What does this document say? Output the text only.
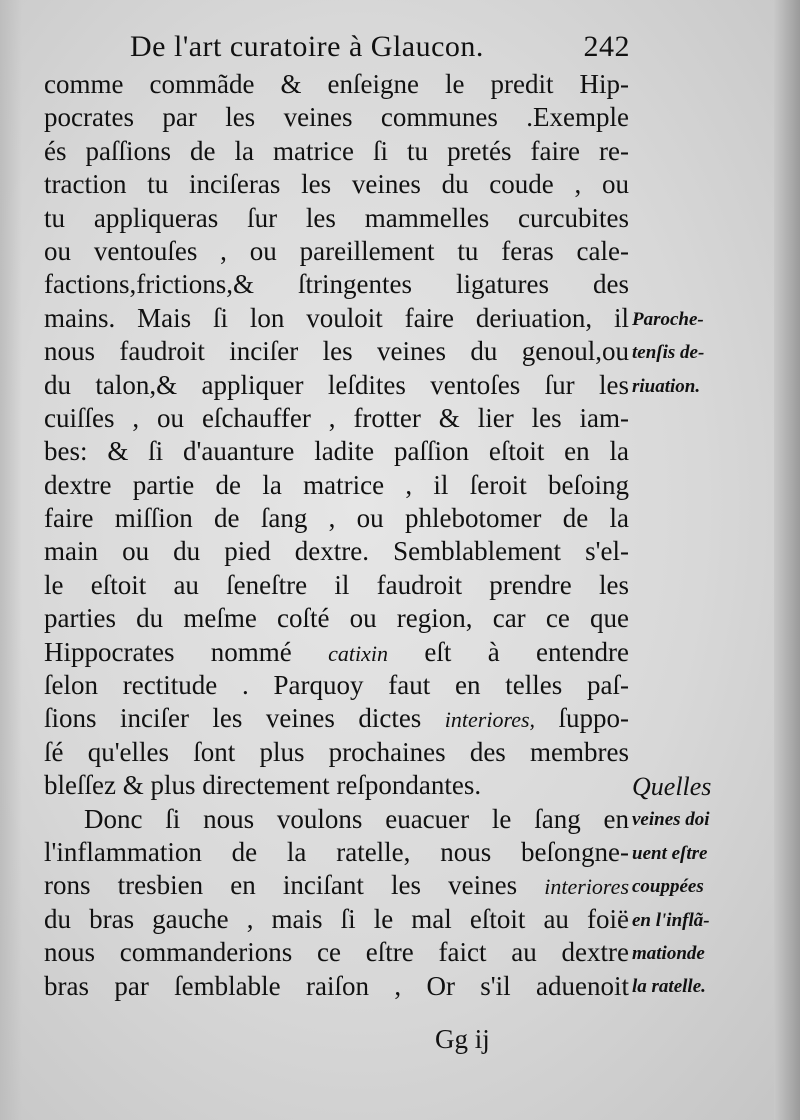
De l'art curatoire à Glaucon.	242
comme commãde & enſeigne le predit Hip-
pocrates par les veines communes .Exemple
és paſſions de la matrice ſi tu pretés faire re-
traction tu inciſeras les veines du coude , ou
tu appliqueras ſur les mammelles curcubites
ou ventouſes , ou pareillement tu feras cale-
factions,frictions,& ſtringentes ligatures des
mains. Mais ſi lon vouloit faire deriuation, il
nous faudroit inciſer les veines du genoul,ou
du talon,& appliquer leſdites ventoſes ſur les
cuiſſes , ou eſchauffer , frotter & lier les iam-
bes: & ſi d'auanture ladite paſſion eſtoit en la
dextre partie de la matrice , il ſeroit beſoing
faire miſſion de ſang , ou phlebotomer de la
main ou du pied dextre. Semblablement s'el-
le eſtoit au ſeneſtre il faudroit prendre les
parties du meſme coſté ou region, car ce que
Hippocrates nommé catixin eſt à entendre
ſelon rectitude . Parquoy faut en telles paſ-
ſions inciſer les veines dictes interiores, ſuppo-
ſé qu'elles ſont plus prochaines des membres
bleſſez & plus directement reſpondantes.
Donc ſi nous voulons euacuer le ſang en
l'inflammation de la ratelle, nous beſongne-
rons tresbien en inciſant les veines interiores
du bras gauche , mais ſi le mal eſtoit au foië
nous commanderions ce eſtre faict au dextre
bras par ſemblable raiſon , Or s'il aduenoit
Paroche-
tenſis de-
riuation.
Quelles
veines doi
uent eſtre
couppées
en l'inflã-
mationde
la ratelle.
Gg ij
